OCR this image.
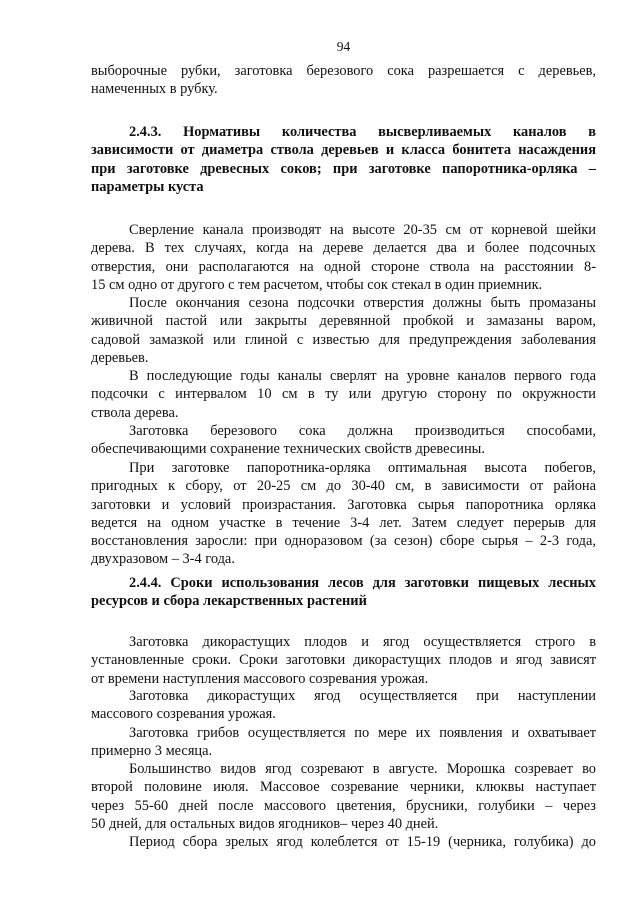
94
выборочные рубки, заготовка березового сока разрешается с деревьев,
намеченных в рубку.
2.4.3. Нормативы количества высверливаемых каналов в
зависимости от диаметра ствола деревьев и класса бонитета насаждения
при заготовке древесных соков; при заготовке папоротника-орляка –
параметры куста
Сверление канала производят на высоте 20-35 см от корневой шейки
дерева. В тех случаях, когда на дереве делается два и более подсочных
отверстия, они располагаются на одной стороне ствола на расстоянии 8-
15 см одно от другого с тем расчетом, чтобы сок стекал в один приемник.
После окончания сезона подсочки отверстия должны быть промазаны
живичной пастой или закрыты деревянной пробкой и замазаны варом,
садовой замазкой или глиной с известью для предупреждения заболевания
деревьев.
В последующие годы каналы сверлят на уровне каналов первого года
подсочки с интервалом 10 см в ту или другую сторону по окружности
ствола дерева.
Заготовка березового сока должна производиться способами,
обеспечивающими сохранение технических свойств древесины.
При заготовке папоротника-орляка оптимальная высота побегов,
пригодных к сбору, от 20-25 см до 30-40 см, в зависимости от района
заготовки и условий произрастания. Заготовка сырья папоротника орляка
ведется на одном участке в течение 3-4 лет. Затем следует перерыв для
восстановления заросли: при одноразовом (за сезон) сборе сырья – 2-3 года,
двухразовом – 3-4 года.
2.4.4. Сроки использования лесов для заготовки пищевых лесных
ресурсов и сбора лекарственных растений
Заготовка дикорастущих плодов и ягод осуществляется строго в
установленные сроки. Сроки заготовки дикорастущих плодов и ягод зависят
от времени наступления массового созревания урожая.
Заготовка дикорастущих ягод осуществляется при наступлении
массового созревания урожая.
Заготовка грибов осуществляется по мере их появления и охватывает
примерно 3 месяца.
Большинство видов ягод созревают в августе. Морошка созревает во
второй половине июля. Массовое созревание черники, клюквы наступает
через 55-60 дней после массового цветения, брусники, голубики – через
50 дней, для остальных видов ягодников– через 40 дней.
Период сбора зрелых ягод колеблется от 15-19 (черника, голубика) до
